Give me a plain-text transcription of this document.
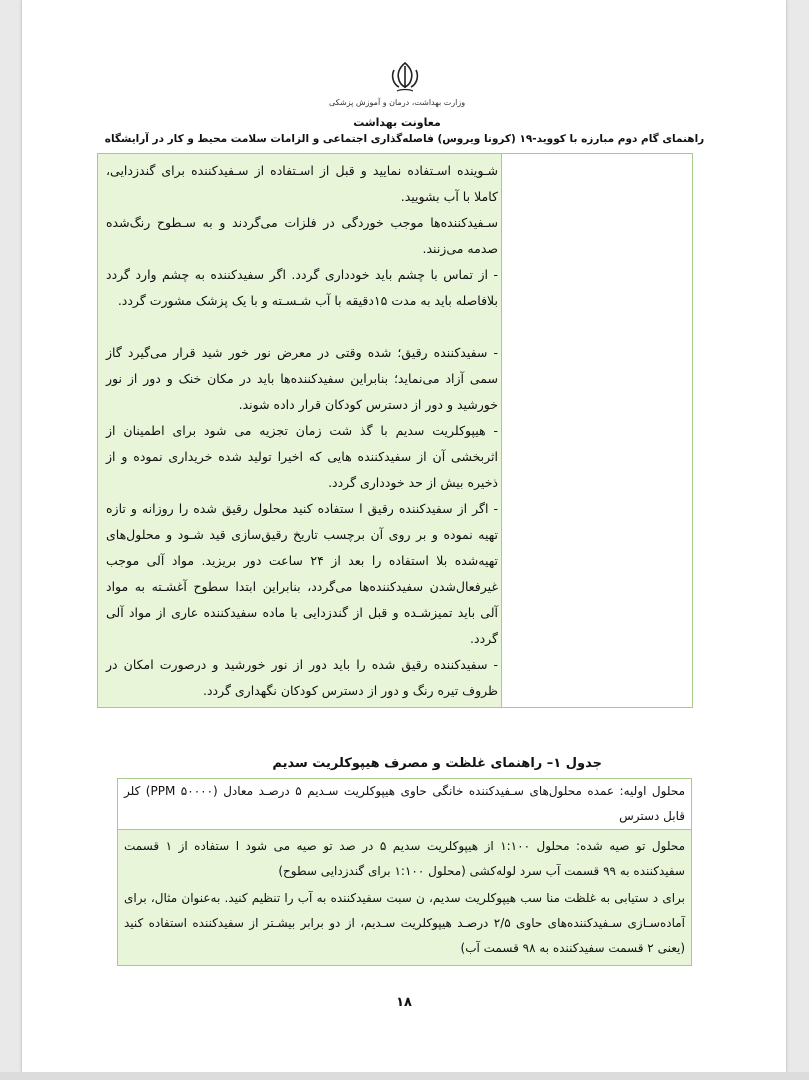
وزارت بهداشت، درمان و آموزش پزشکی
معاونت بهداشت
راهنمای گام دوم مبارزه با کووید-۱۹ (کرونا ویروس) فاصله‌گذاری اجتماعی و الزامات سلامت محیط و کار در آرایشگاه
شـوینده اسـتفاده نمایید و قبل از اسـتفاده از سـفیدکننده برای گندزدایی، کاملا با آب بشویید.
سـفیدکننده‌ها موجب خوردگی در فلزات می‌گردند و به سـطوح رنگ‌شده صدمه می‌زنند.
- از تماس با چشم باید خودداری گردد. اگر سفیدکننده به چشم وارد گردد بلافاصله باید به مدت ۱۵دقیقه با آب شـسـته و با یک پزشک مشورت گردد.
- سفیدکننده رقیق؛ شده وقتی در معرض نور خور شید قرار می‌گیرد گاز سمی آزاد می‌نماید؛ بنابراین سفیدکننده‌ها باید در مکان خنک و دور از نور خورشید و دور از دسترس کودکان قرار داده شوند.
- هیپوکلریت سدیم با گذ شت زمان تجزیه می شود برای اطمینان از اثربخشی آن از سفیدکننده هایی که اخیرا تولید شده خریداری نموده و از ذخیره بیش از حد خودداری گردد.
- اگر از سفیدکننده رقیق ا ستفاده کنید محلول رقیق شده را روزانه و تازه تهیه نموده و بر روی آن برچسب تاریخ رقیق‌سازی قید شـود و محلول‌های تهیه‌شده بلا استفاده را بعد از ۲۴ ساعت دور بریزید. مواد آلی موجب غیرفعال‌شدن سفیدکننده‌ها می‌گردد، بنابراین ابتدا سطوح آغشـته به مواد آلی باید تمیزشـده و قبل از گندزدایی با ماده سفیدکننده عاری از مواد آلی گردد.
- سفیدکننده رقیق شده را باید دور از نور خورشید و درصورت امکان در ظروف تیره رنگ و دور از دسترس کودکان نگهداری گردد.
جدول ۱– راهنمای غلظت و مصرف هیپوکلریت سدیم
محلول اولیه: عمده محلول‌های سـفیدکننده خانگی حاوی هیپوکلریت سـدیم ۵ درصـد معادل (PPM ۵۰۰۰۰) کلر قابل دسترس
محلول تو صیه شده: محلول ۱:۱۰۰ از هیپوکلریت سدیم ۵ در صد تو صیه می شود ا ستفاده از ۱ قسمت سفیدکننده به ۹۹ قسمت آب سرد لوله‌کشی (محلول ۱:۱۰۰ برای گندزدایی سطوح)
برای د ستیابی به غلظت منا سب هیپوکلریت سدیم، ن سبت سفیدکننده به آب را تنظیم کنید. به‌عنوان مثال، برای آماده‌سـازی سـفیدکننده‌های حاوی ۲/۵ درصـد هیپوکلریت سـدیم، از دو برابر بیشـتر از سفیدکننده استفاده کنید (یعنی ۲ قسمت سفیدکننده به ۹۸ قسمت آب)
۱۸
